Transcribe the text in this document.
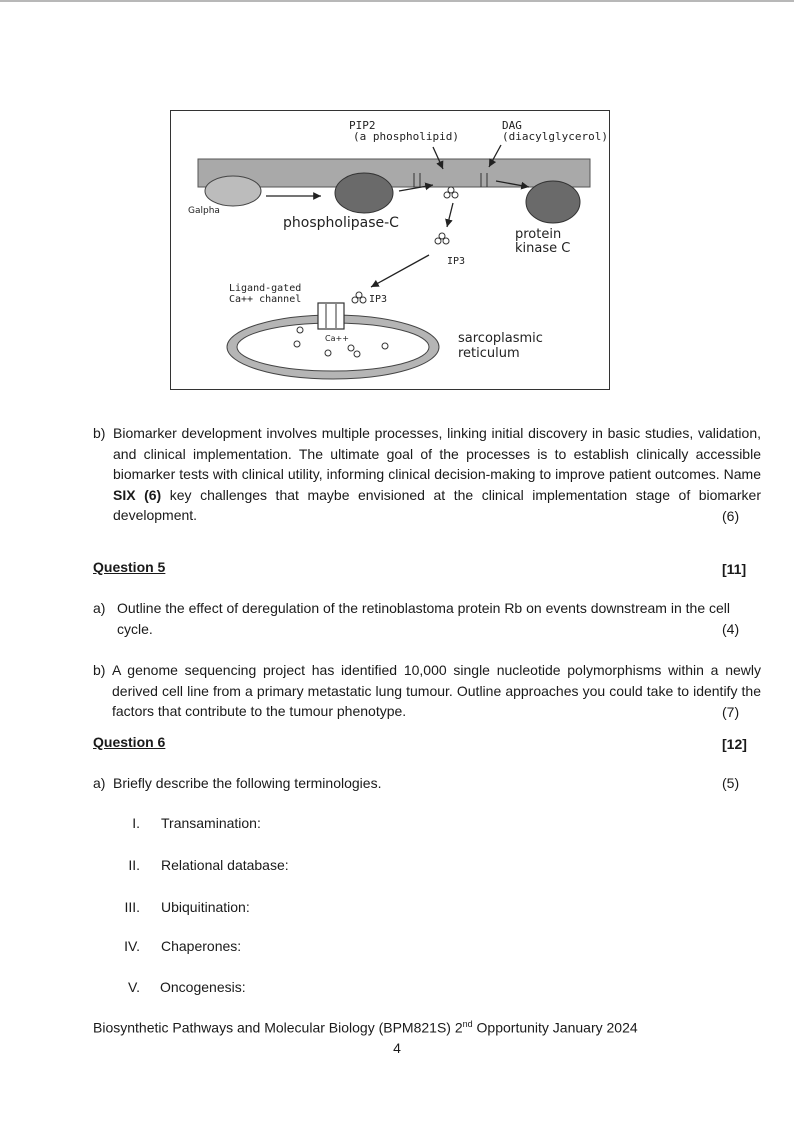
PIP2
(a phospholipid)
DAG
(diacylglycerol)
Galpha
phospholipase-C
protein
kinase C
IP3
IP3
Ligand-gated
Ca++ channel
Ca++	sarcoplasmic
reticulum
b) Biomarker development involves multiple processes, linking initial discovery in basic studies, validation, and clinical implementation. The ultimate goal of the processes is to establish clinically accessible biomarker tests with clinical utility, informing clinical decision-making to improve patient outcomes. Name SIX (6) key challenges that maybe envisioned at the clinical implementation stage of biomarker development.	(6)
Question 5	[11]
a) Outline the effect of deregulation of the retinoblastoma protein Rb on events downstream in the cell cycle.	(4)
b) A genome sequencing project has identified 10,000 single nucleotide polymorphisms within a newly derived cell line from a primary metastatic lung tumour. Outline approaches you could take to identify the factors that contribute to the tumour phenotype.	(7)
Question 6	[12]
a) Briefly describe the following terminologies.	(5)
I. Transamination:
II. Relational database:
III. Ubiquitination:
IV. Chaperones:
V. Oncogenesis:
Biosynthetic Pathways and Molecular Biology (BPM821S) 2nd Opportunity January 2024
4
